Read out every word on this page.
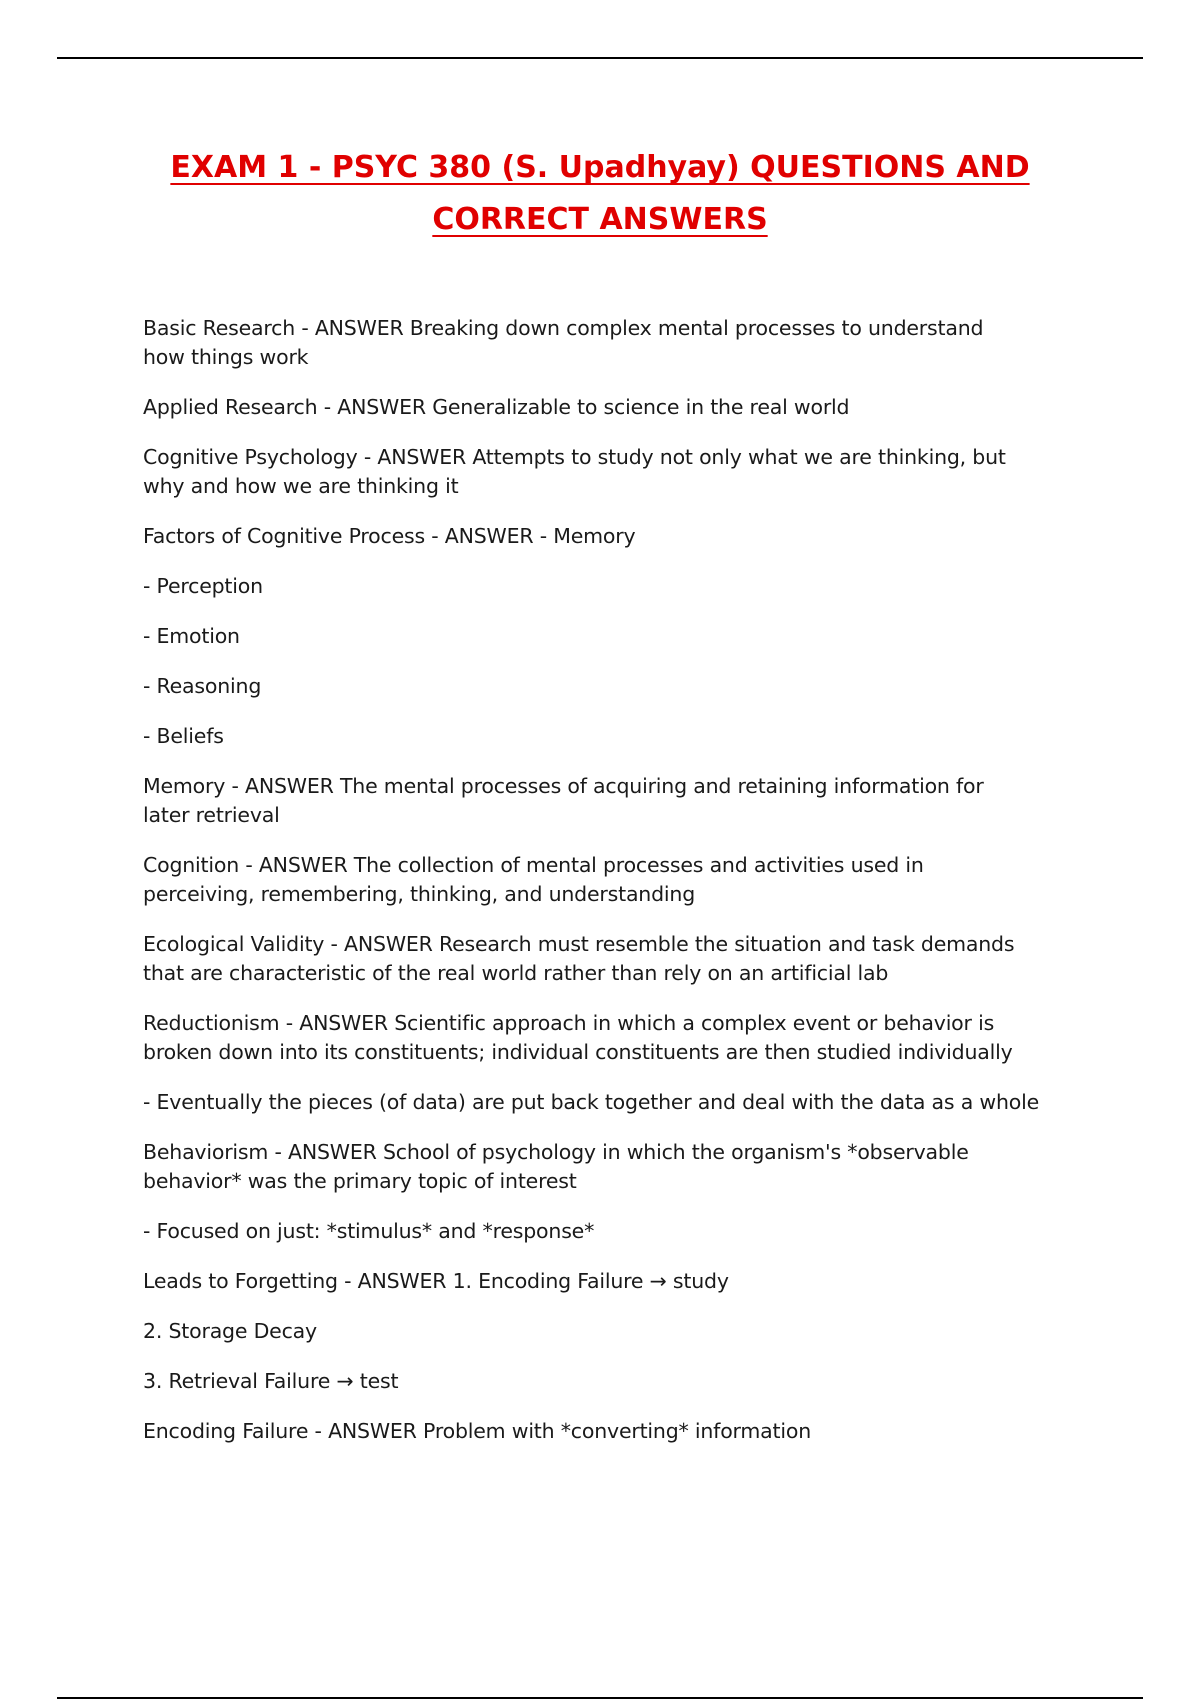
EXAM 1 - PSYC 380 (S. Upadhyay) QUESTIONS AND
CORRECT ANSWERS

Basic Research - ANSWER Breaking down complex mental processes to understand
how things work

Applied Research - ANSWER Generalizable to science in the real world

Cognitive Psychology - ANSWER Attempts to study not only what we are thinking, but
why and how we are thinking it

Factors of Cognitive Process - ANSWER - Memory

- Perception

- Emotion

- Reasoning

- Beliefs

Memory - ANSWER The mental processes of acquiring and retaining information for
later retrieval

Cognition - ANSWER The collection of mental processes and activities used in
perceiving, remembering, thinking, and understanding

Ecological Validity - ANSWER Research must resemble the situation and task demands
that are characteristic of the real world rather than rely on an artificial lab

Reductionism - ANSWER Scientific approach in which a complex event or behavior is
broken down into its constituents; individual constituents are then studied individually

- Eventually the pieces (of data) are put back together and deal with the data as a whole

Behaviorism - ANSWER School of psychology in which the organism's *observable
behavior* was the primary topic of interest

- Focused on just: *stimulus* and *response*

Leads to Forgetting - ANSWER 1. Encoding Failure → study

2. Storage Decay

3. Retrieval Failure → test

Encoding Failure - ANSWER Problem with *converting* information
